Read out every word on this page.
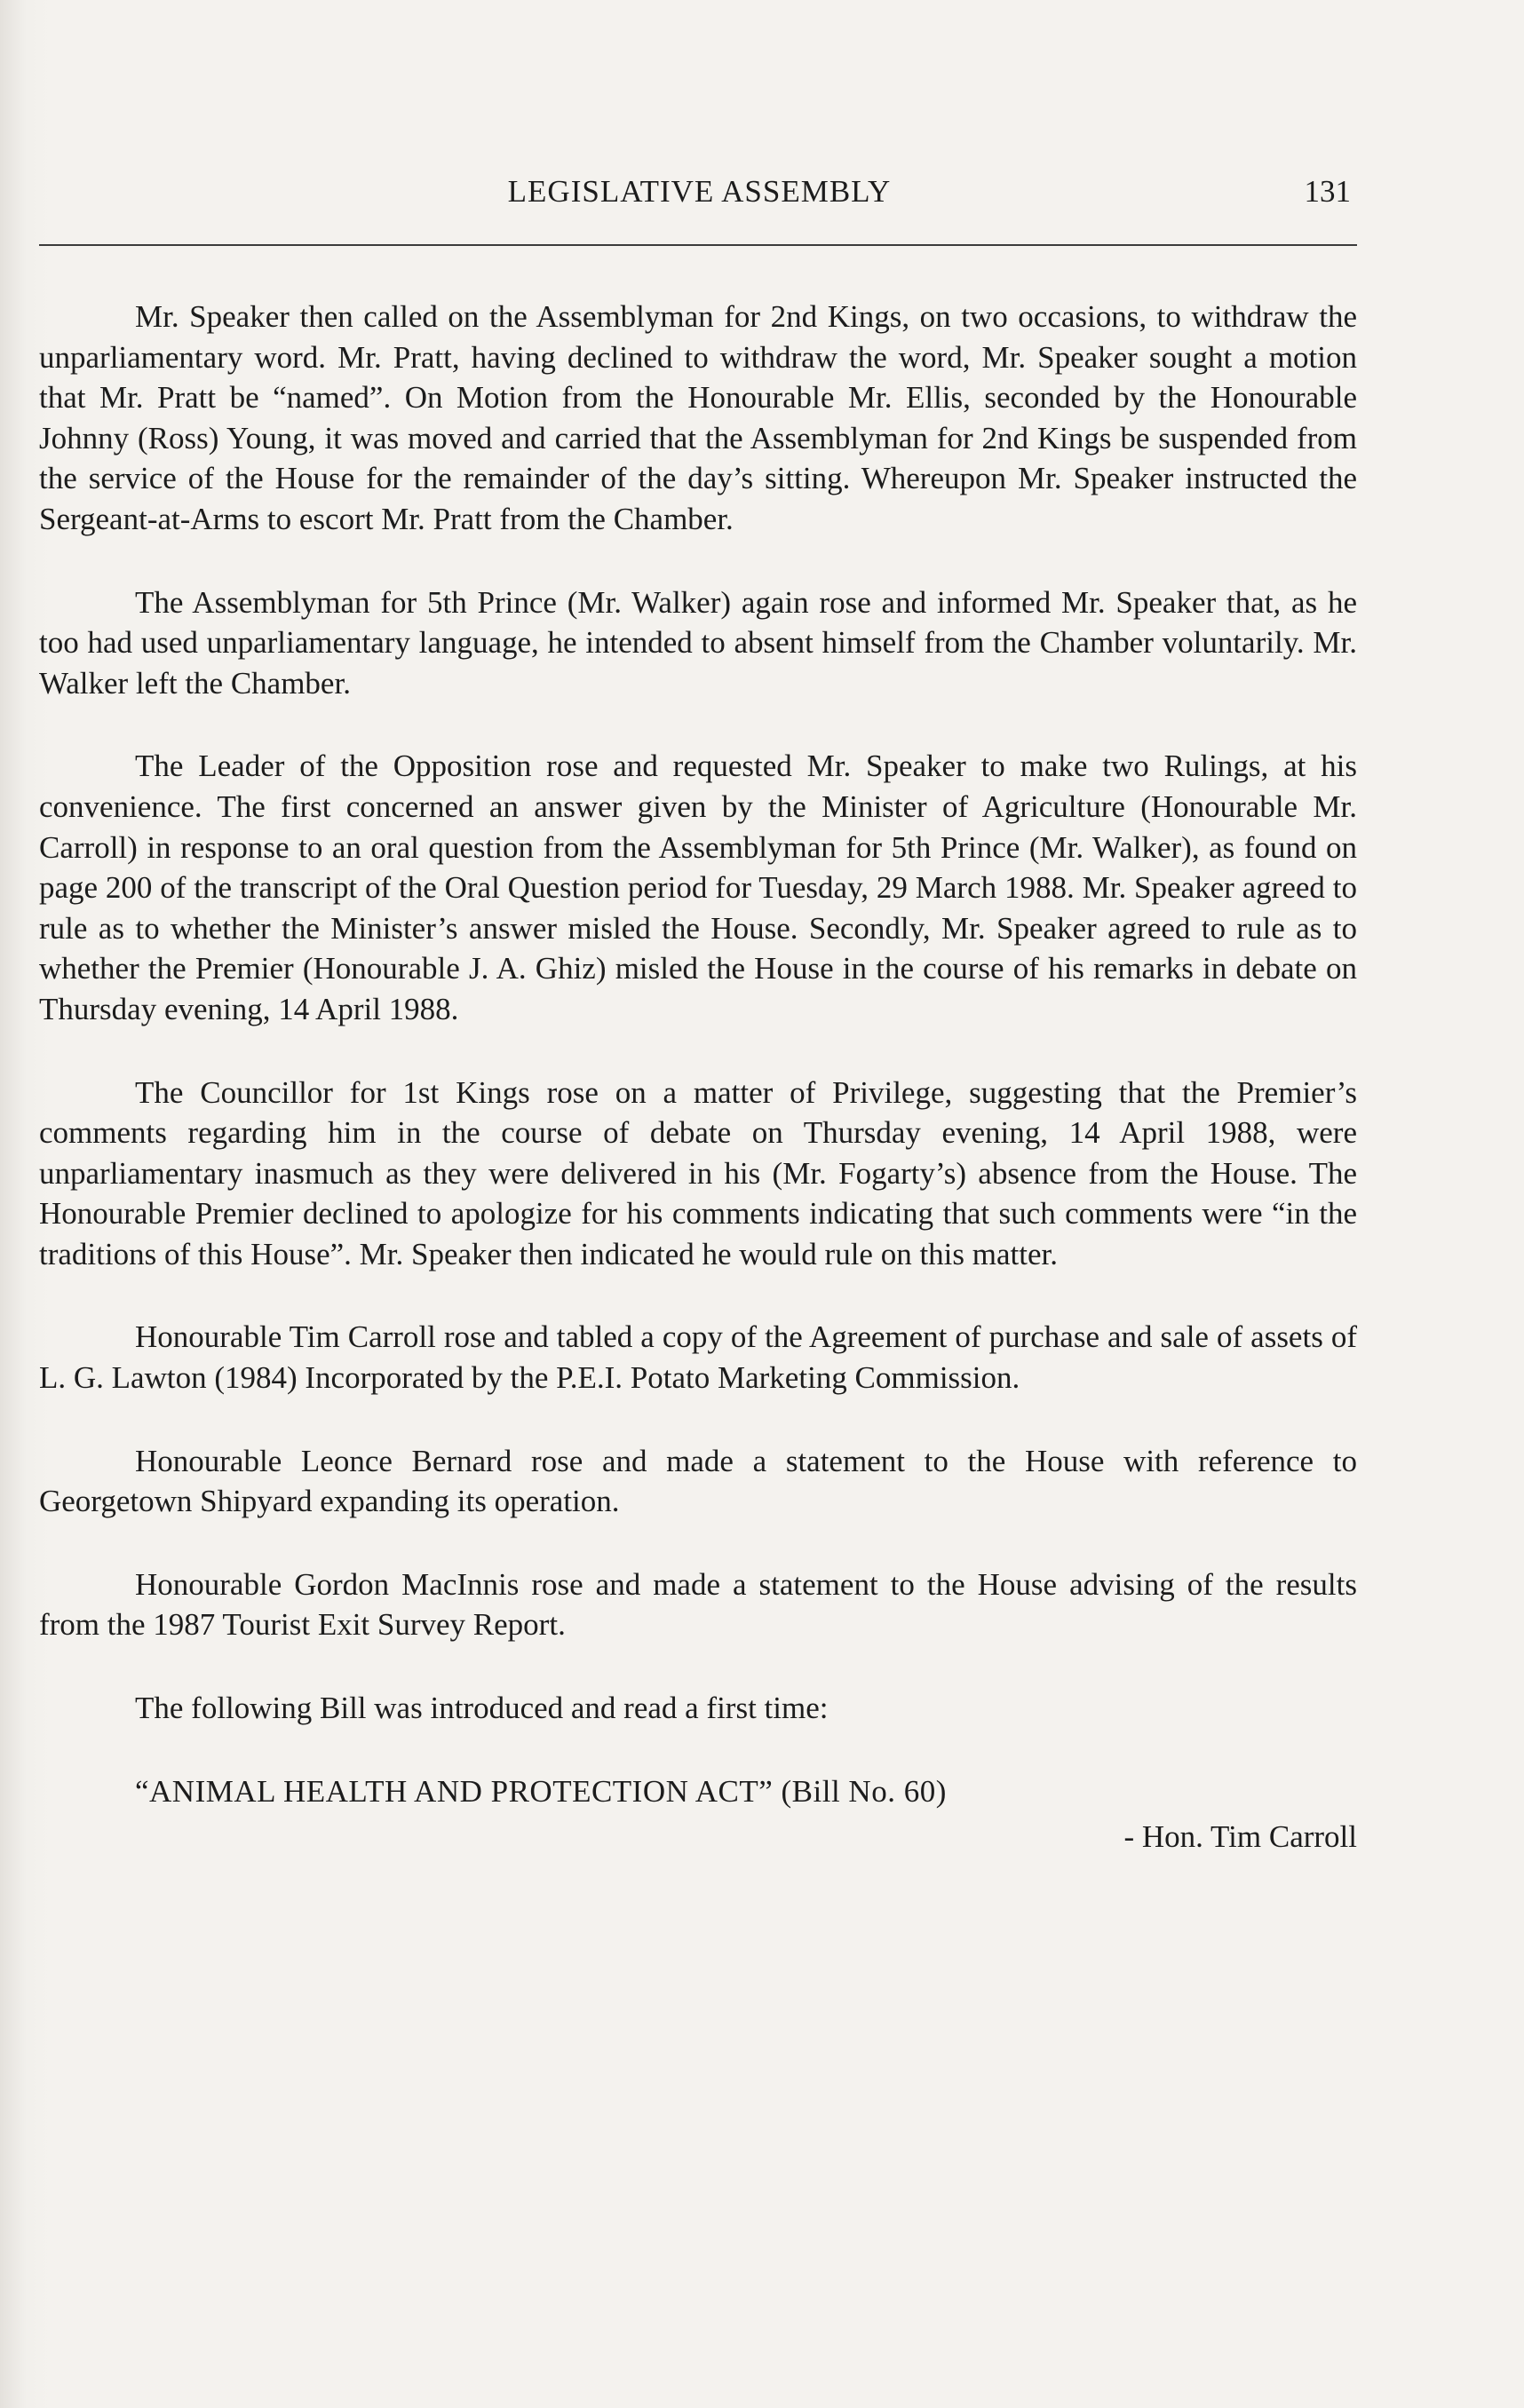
LEGISLATIVE ASSEMBLY	131

Mr. Speaker then called on the Assemblyman for 2nd Kings, on two occasions, to withdraw the unparliamentary word. Mr. Pratt, having declined to withdraw the word, Mr. Speaker sought a motion that Mr. Pratt be “named”. On Motion from the Honourable Mr. Ellis, seconded by the Honourable Johnny (Ross) Young, it was moved and carried that the Assemblyman for 2nd Kings be suspended from the service of the House for the remainder of the day’s sitting. Whereupon Mr. Speaker instructed the Sergeant-at-Arms to escort Mr. Pratt from the Chamber.

The Assemblyman for 5th Prince (Mr. Walker) again rose and informed Mr. Speaker that, as he too had used unparliamentary language, he intended to absent himself from the Chamber voluntarily. Mr. Walker left the Chamber.

The Leader of the Opposition rose and requested Mr. Speaker to make two Rulings, at his convenience. The first concerned an answer given by the Minister of Agriculture (Honourable Mr. Carroll) in response to an oral question from the Assemblyman for 5th Prince (Mr. Walker), as found on page 200 of the transcript of the Oral Question period for Tuesday, 29 March 1988. Mr. Speaker agreed to rule as to whether the Minister’s answer misled the House. Secondly, Mr. Speaker agreed to rule as to whether the Premier (Honourable J. A. Ghiz) misled the House in the course of his remarks in debate on Thursday evening, 14 April 1988.

The Councillor for 1st Kings rose on a matter of Privilege, suggesting that the Premier’s comments regarding him in the course of debate on Thursday evening, 14 April 1988, were unparliamentary inasmuch as they were delivered in his (Mr. Fogarty’s) absence from the House. The Honourable Premier declined to apologize for his comments indicating that such comments were “in the traditions of this House”. Mr. Speaker then indicated he would rule on this matter.

Honourable Tim Carroll rose and tabled a copy of the Agreement of purchase and sale of assets of L. G. Lawton (1984) Incorporated by the P.E.I. Potato Marketing Commission.

Honourable Leonce Bernard rose and made a statement to the House with reference to Georgetown Shipyard expanding its operation.

Honourable Gordon MacInnis rose and made a statement to the House advising of the results from the 1987 Tourist Exit Survey Report.

The following Bill was introduced and read a first time:

“ANIMAL HEALTH AND PROTECTION ACT” (Bill No. 60)

- Hon. Tim Carroll
